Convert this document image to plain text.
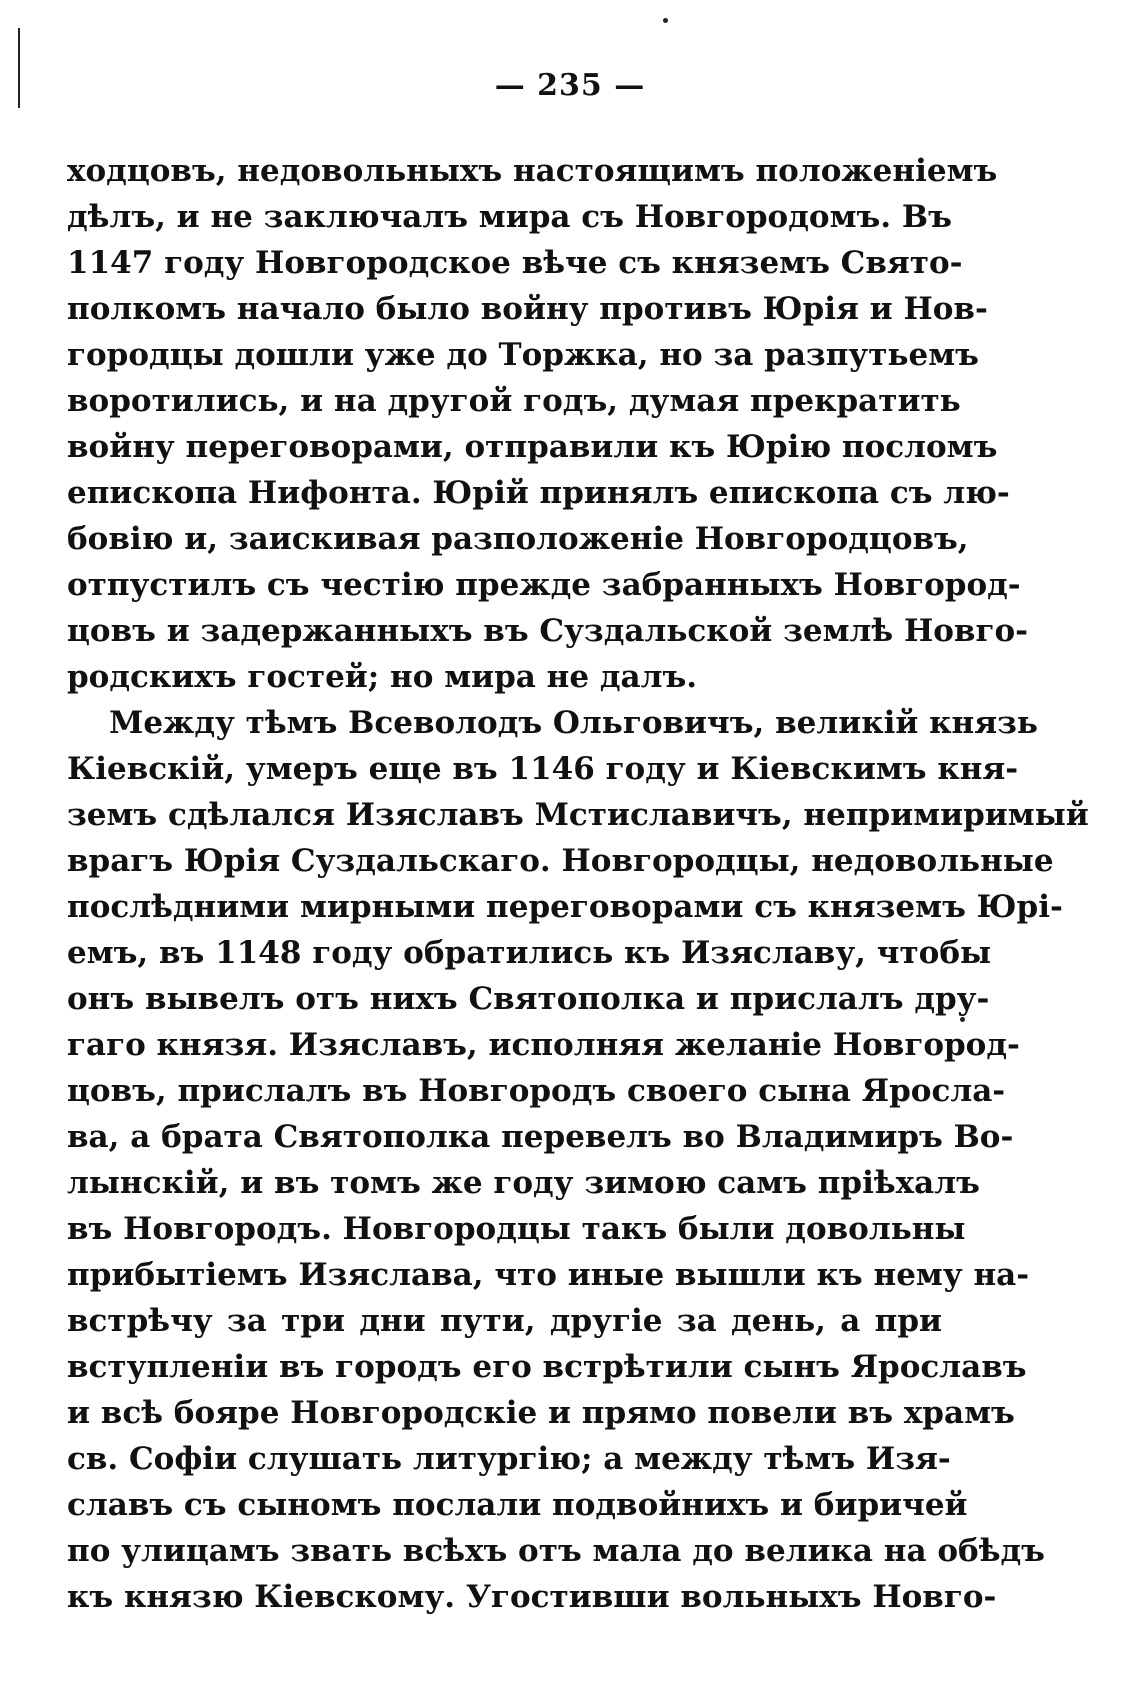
— 235 —
ходцовъ, недовольныхъ настоящимъ положенiемъ
дѣлъ, и не заключалъ мира съ Новгородомъ. Въ
1147 году Новгородское вѣче съ княземъ Свято-
полкомъ начало было войну противъ Юрiя и Нов-
городцы дошли уже до Торжка, но за разпутьемъ
воротились, и на другой годъ, думая прекратить
войну переговорами, отправили къ Юрiю посломъ
епископа Нифонта. Юрiй принялъ епископа съ лю-
бовiю и, заискивая разположенiе Новгородцовъ,
отпустилъ съ честiю прежде забранныхъ Новгород-
цовъ и задержанныхъ въ Суздальской землѣ Новго-
родскихъ гостей; но мира не далъ.
Между тѣмъ Всеволодъ Ольговичъ, великiй князь
Кiевскiй, умеръ еще въ 1146 году и Кiевскимъ кня-
земъ сдѣлался Изяславъ Мстиславичъ, непримиримый
врагъ Юрiя Суздальскаго. Новгородцы, недовольные
послѣдними мирными переговорами съ княземъ Юрi-
емъ, въ 1148 году обратились къ Изяславу, чтобы
онъ вывелъ отъ нихъ Святополка и прислалъ дру-
гаго князя. Изяславъ, исполняя желанiе Новгород-
цовъ, прислалъ въ Новгородъ своего сына Яросла-
ва, а брата Святополка перевелъ во Владимиръ Во-
лынскiй, и въ томъ же году зимою самъ прiѣхалъ
въ Новгородъ. Новгородцы такъ были довольны
прибытiемъ Изяслава, что иные вышли къ нему на-
встрѣчу за три дни пути, другiе за день, а при
вступленiи въ городъ его встрѣтили сынъ Ярославъ
и всѣ бояре Новгородскiе и прямо повели въ храмъ
св. Софiи слушать литургiю; а между тѣмъ Изя-
славъ съ сыномъ послали подвойнихъ и биричей
по улицамъ звать всѣхъ отъ мала до велика на обѣдъ
къ князю Кiевскому. Угостивши вольныхъ Новго-
